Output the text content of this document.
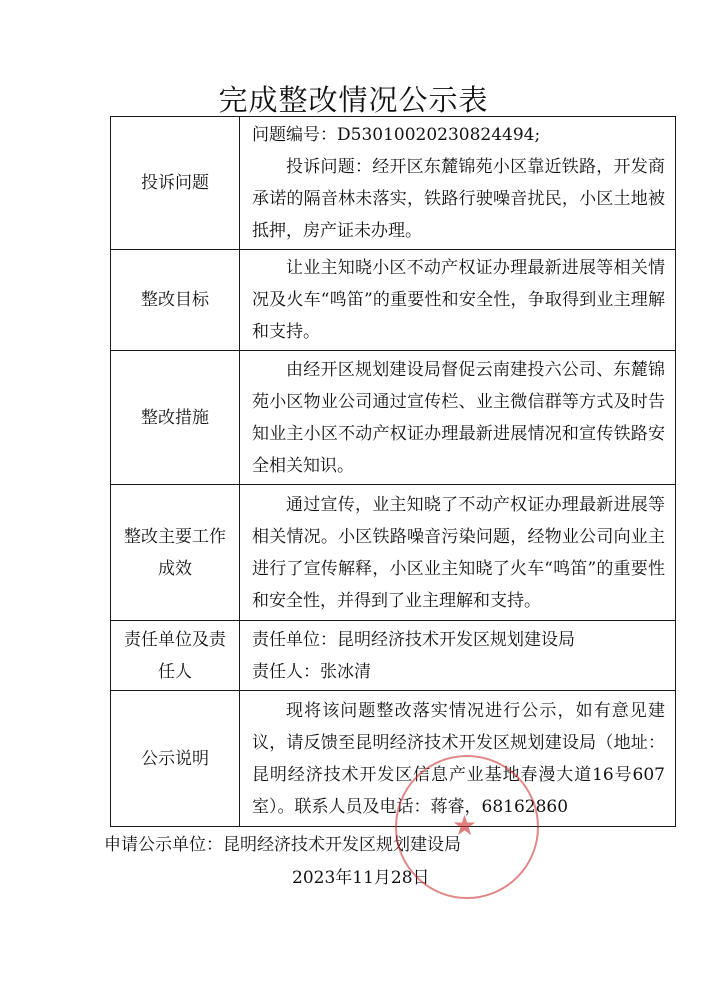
完成整改情况公示表
投诉问题	问题编号：D53010020230824494;
投诉问题：经开区东麓锦苑小区靠近铁路，开发商承诺的隔音林未落实，铁路行驶噪音扰民，小区土地被抵押，房产证未办理。

整改目标	让业主知晓小区不动产权证办理最新进展等相关情况及火车“鸣笛”的重要性和安全性，争取得到业主理解和支持。
整改措施	由经开区规划建设局督促云南建投六公司、东麓锦苑小区物业公司通过宣传栏、业主微信群等方式及时告知业主小区不动产权证办理最新进展情况和宣传铁路安全相关知识。
整改主要工作成效	通过宣传，业主知晓了不动产权证办理最新进展等相关情况。小区铁路噪音污染问题，经物业公司向业主进行了宣传解释，小区业主知晓了火车“鸣笛”的重要性和安全性，并得到了业主理解和支持。
责任单位及责任人	责任单位：昆明经济技术开发区规划建设局
责任人：张冰清

公示说明	现将该问题整改落实情况进行公示，如有意见建议，请反馈至昆明经济技术开发区规划建设局（地址：昆明经济技术开发区信息产业基地春漫大道16号607室）。联系人员及电话：蒋睿，68162860
申请公示单位：昆明经济技术开发区规划建设局
2023年11月28日
★
